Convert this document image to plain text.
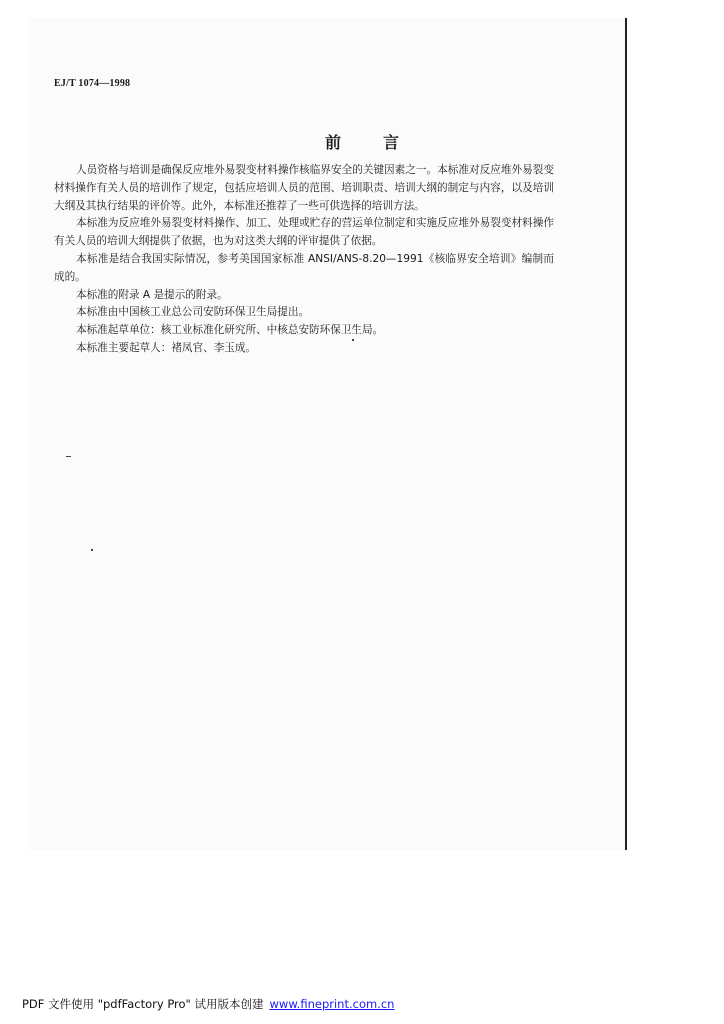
EJ/T 1074—1998
前	言

人员资格与培训是确保反应堆外易裂变材料操作核临界安全的关键因素之一。本标准对反应堆外易裂变材料操作有关人员的培训作了规定，包括应培训人员的范围、培训职责、培训大纲的制定与内容，以及培训大纲及其执行结果的评价等。此外，本标准还推荐了一些可供选择的培训方法。

本标准为反应堆外易裂变材料操作、加工、处理或贮存的营运单位制定和实施反应堆外易裂变材料操作有关人员的培训大纲提供了依据，也为对这类大纲的评审提供了依据。

本标准是结合我国实际情况，参考美国国家标准 ANSI/ANS-8.20—1991《核临界安全培训》编制而成的。

本标准的附录 A 是提示的附录。

本标准由中国核工业总公司安防环保卫生局提出。

本标准起草单位：核工业标准化研究所、中核总安防环保卫生局。

本标准主要起草人：褚凤官、李玉成。

PDF 文件使用 "pdfFactory Pro" 试用版本创建 www.fineprint.com.cn
